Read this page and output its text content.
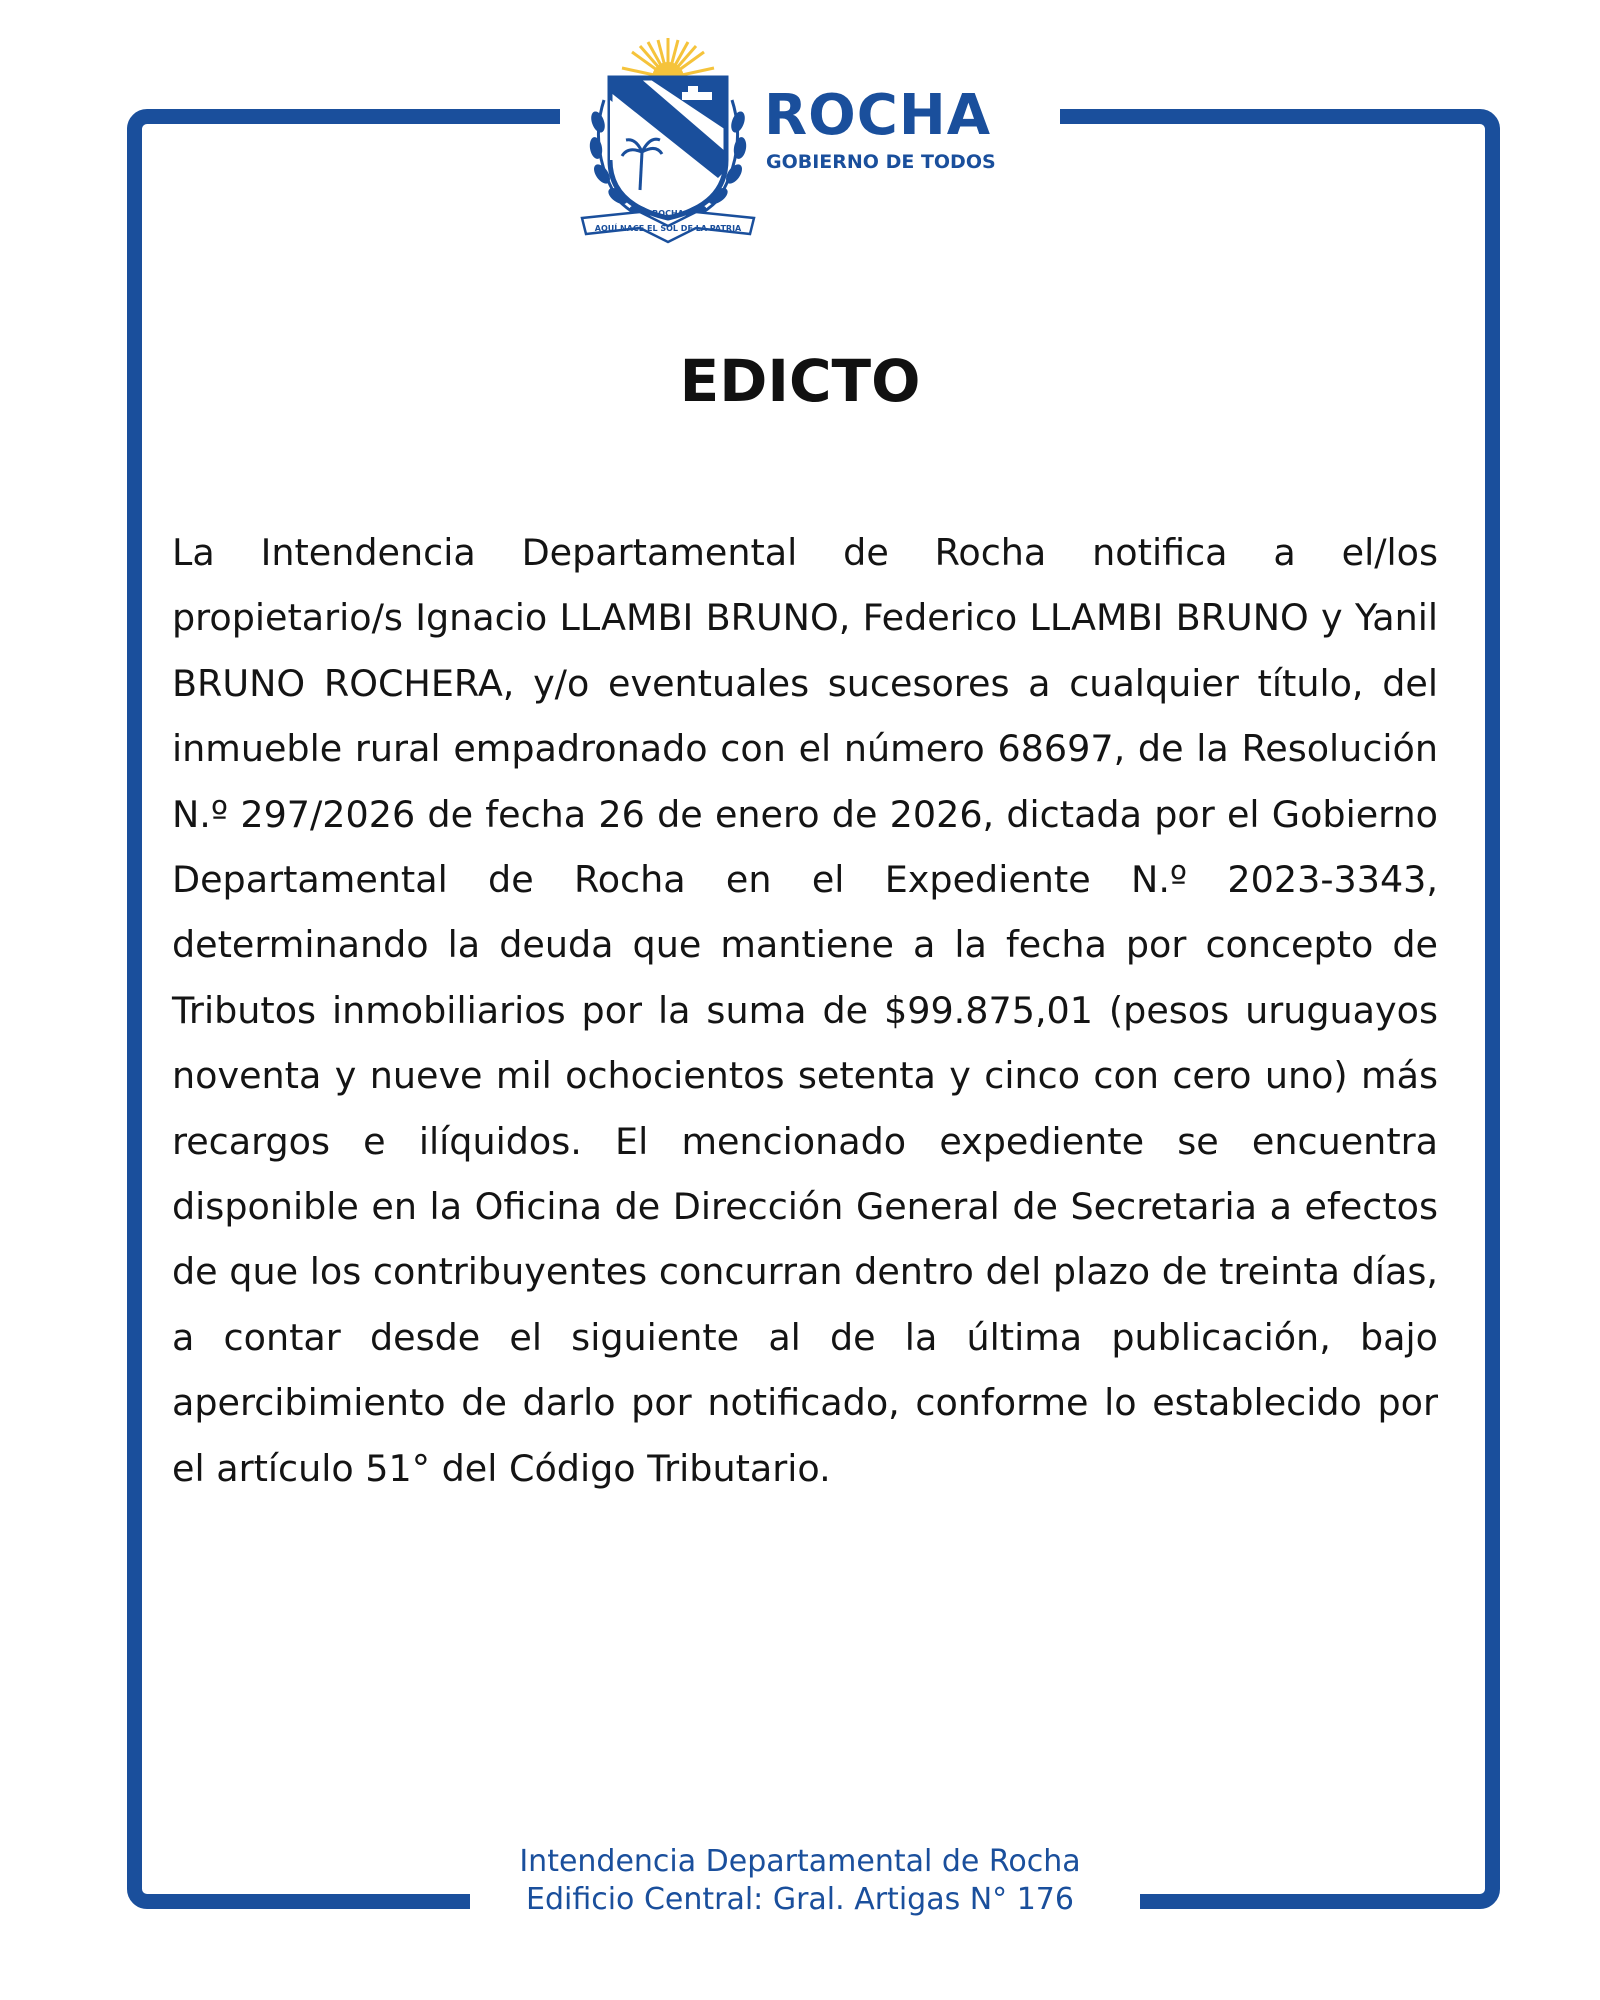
AQUÍ NACE EL SOL DE LA PATRIA
ROCHA
ROCHA
GOBIERNO DE TODOS
EDICTO

La Intendencia Departamental de Rocha notifica a el/los propietario/s Ignacio LLAMBI BRUNO, Federico LLAMBI BRUNO y Yanil BRUNO ROCHERA, y/o eventuales sucesores a cualquier título, del inmueble rural empadronado con el número 68697, de la Resolución N.º 297/2026 de fecha 26 de enero de 2026, dictada por el Gobierno Departamental de Rocha en el Expediente N.º 2023-3343, determinando la deuda que mantiene a la fecha por concepto de Tributos inmobiliarios por la suma de $99.875,01 (pesos uruguayos noventa y nueve mil ochocientos setenta y cinco con cero uno) más recargos e ilíquidos. El mencionado expediente se encuentra disponible en la Oficina de Dirección General de Secretaria a efectos de que los contribuyentes concurran dentro del plazo de treinta días, a contar desde el siguiente al de la última publicación, bajo apercibimiento de darlo por notificado, conforme lo establecido por el artículo 51° del Código Tributario.

Intendencia Departamental de Rocha
Edificio Central: Gral. Artigas N° 176
